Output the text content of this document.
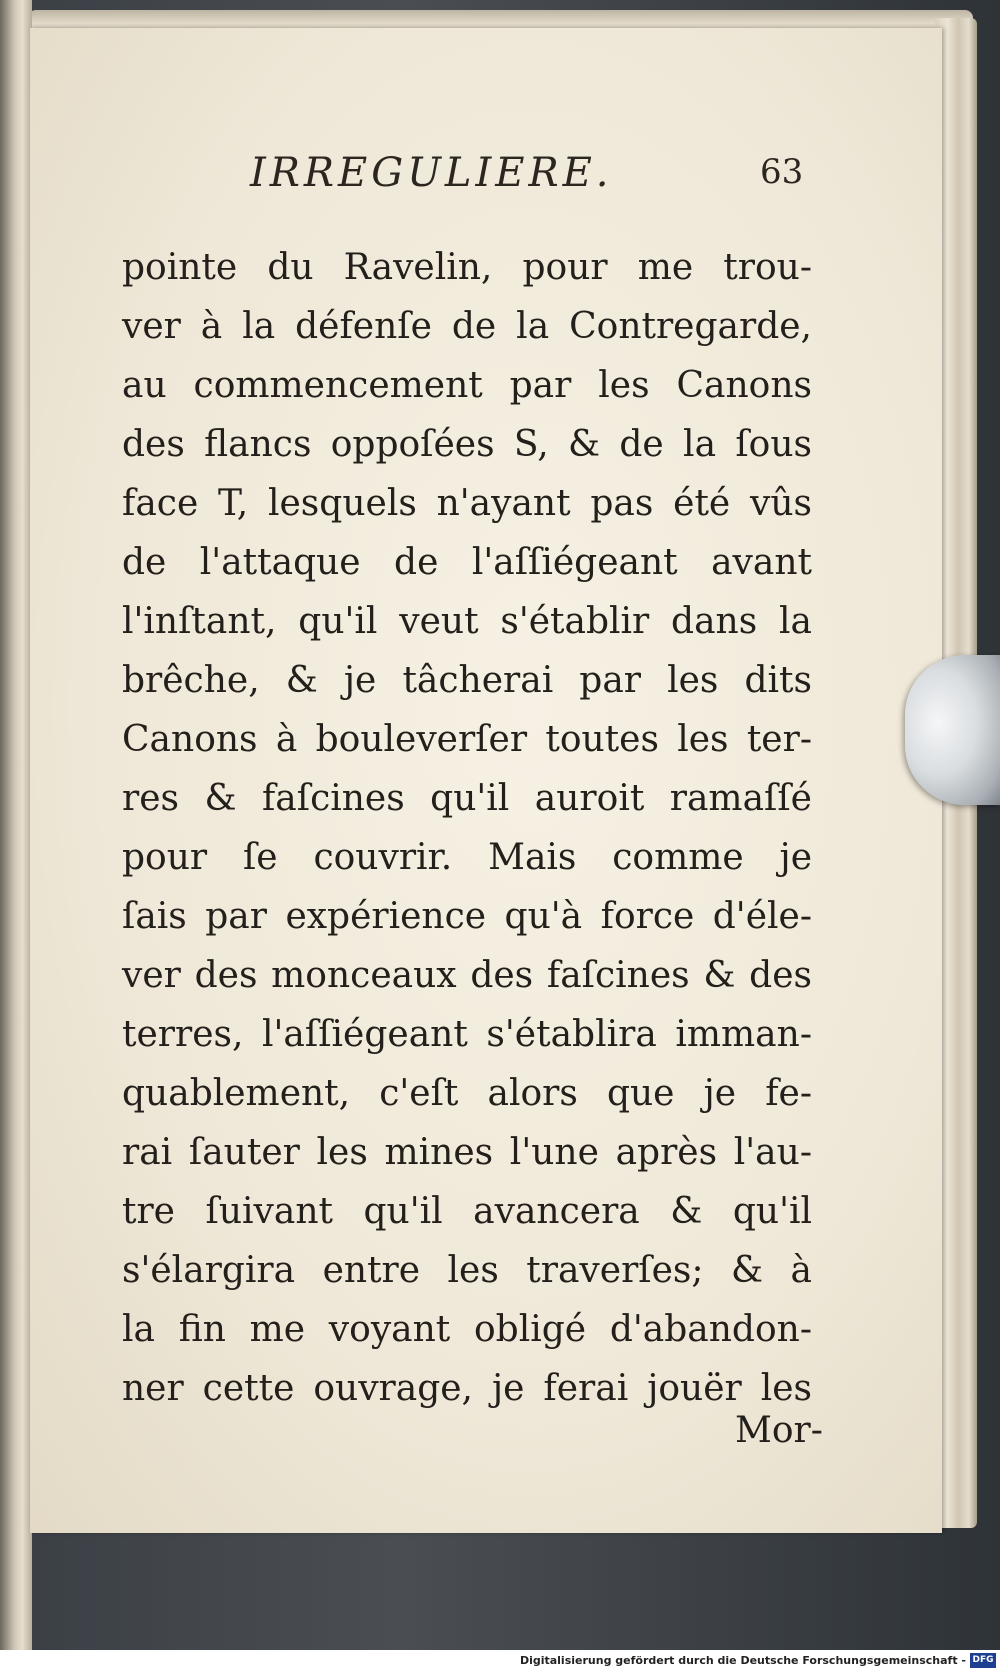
IRREGULIERE.	63
pointe du Ravelin, pour me trou-
ver à la défenſe de la Contregarde,
au commencement par les Canons
des flancs oppoſées S, & de la ſous
face T, lesquels n'ayant pas été vûs
de l'attaque de l'aſſiégeant avant
l'inſtant, qu'il veut s'établir dans la
brêche, & je tâcherai par les dits
Canons à bouleverſer toutes les ter-
res & faſcines qu'il auroit ramaſſé
pour ſe couvrir. Mais comme je
ſais par expérience qu'à force d'éle-
ver des monceaux des faſcines & des
terres, l'aſſiégeant s'établira imman-
quablement, c'eſt alors que je fe-
rai ſauter les mines l'une après l'au-
tre ſuivant qu'il avancera & qu'il
s'élargira entre les traverſes; & à
la fin me voyant obligé d'abandon-
ner cette ouvrage, je ferai jouër les
Mor-
Digitalisierung gefördert durch die Deutsche Forschungsgemeinschaft - DFG
